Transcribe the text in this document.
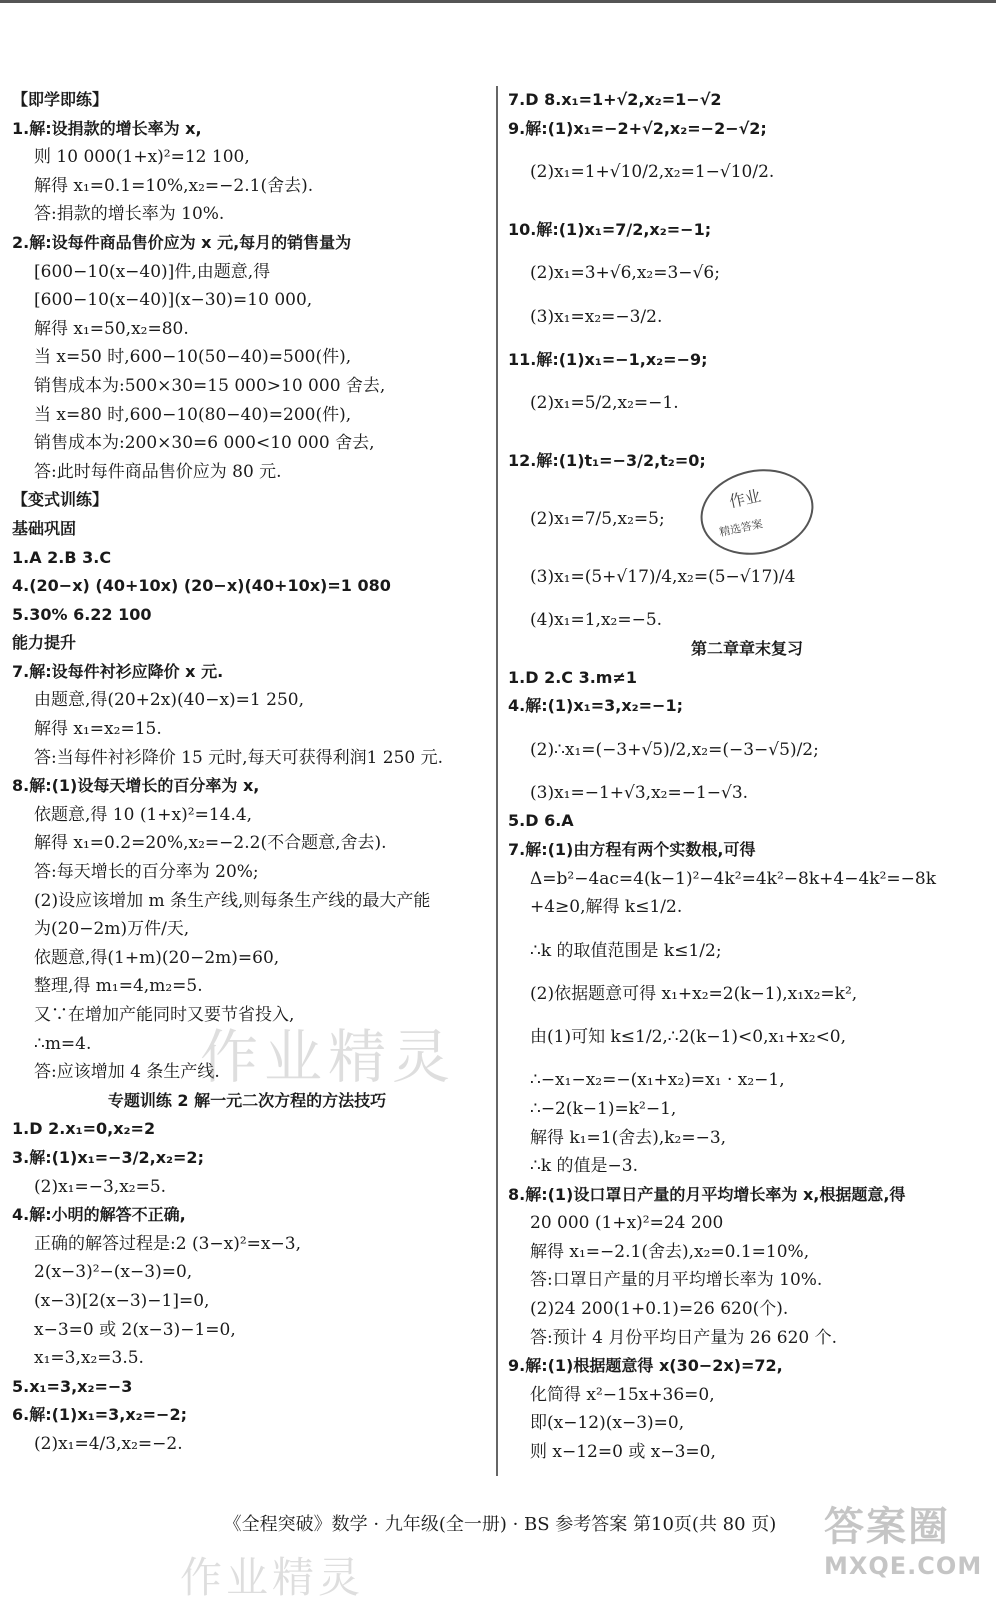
【即学即练】
1.解:设捐款的增长率为 x,
则 10 000(1+x)²=12 100,
解得 x₁=0.1=10%,x₂=−2.1(舍去).
答:捐款的增长率为 10%.
2.解:设每件商品售价应为 x 元,每月的销售量为
[600−10(x−40)]件,由题意,得
[600−10(x−40)](x−30)=10 000,
解得 x₁=50,x₂=80.
当 x=50 时,600−10(50−40)=500(件),
销售成本为:500×30=15 000>10 000 舍去,
当 x=80 时,600−10(80−40)=200(件),
销售成本为:200×30=6 000<10 000 舍去,
答:此时每件商品售价应为 80 元.
【变式训练】
基础巩固
1.A 2.B 3.C
4.(20−x) (40+10x) (20−x)(40+10x)=1 080
5.30% 6.22 100
能力提升
7.解:设每件衬衫应降价 x 元.
由题意,得(20+2x)(40−x)=1 250,
解得 x₁=x₂=15.
答:当每件衬衫降价 15 元时,每天可获得利润1 250 元.
8.解:(1)设每天增长的百分率为 x,
依题意,得 10 (1+x)²=14.4,
解得 x₁=0.2=20%,x₂=−2.2(不合题意,舍去).
答:每天增长的百分率为 20%;
(2)设应该增加 m 条生产线,则每条生产线的最大产能
为(20−2m)万件/天,
依题意,得(1+m)(20−2m)=60,
整理,得 m₁=4,m₂=5.
又∵在增加产能同时又要节省投入,
∴m=4.
答:应该增加 4 条生产线.
专题训练 2 解一元二次方程的方法技巧
1.D 2.x₁=0,x₂=2
3.解:(1)x₁=−3/2,x₂=2;
(2)x₁=−3,x₂=5.
4.解:小明的解答不正确,
正确的解答过程是:2 (3−x)²=x−3,
2(x−3)²−(x−3)=0,
(x−3)[2(x−3)−1]=0,
x−3=0 或 2(x−3)−1=0,
x₁=3,x₂=3.5.
5.x₁=3,x₂=−3
6.解:(1)x₁=3,x₂=−2;
(2)x₁=4/3,x₂=−2.
7.D 8.x₁=1+√2,x₂=1−√2
9.解:(1)x₁=−2+√2,x₂=−2−√2;
(2)x₁=1+√10/2,x₂=1−√10/2.
10.解:(1)x₁=7/2,x₂=−1;
(2)x₁=3+√6,x₂=3−√6;
(3)x₁=x₂=−3/2.
11.解:(1)x₁=−1,x₂=−9;
(2)x₁=5/2,x₂=−1.
12.解:(1)t₁=−3/2,t₂=0;
(2)x₁=7/5,x₂=5;
(3)x₁=(5+√17)/4,x₂=(5−√17)/4
(4)x₁=1,x₂=−5.
第二章章末复习
1.D 2.C 3.m≠1
4.解:(1)x₁=3,x₂=−1;
(2)∴x₁=(−3+√5)/2,x₂=(−3−√5)/2;
(3)x₁=−1+√3,x₂=−1−√3.
5.D 6.A
7.解:(1)由方程有两个实数根,可得
Δ=b²−4ac=4(k−1)²−4k²=4k²−8k+4−4k²=−8k
+4≥0,解得 k≤1/2.
∴k 的取值范围是 k≤1/2;
(2)依据题意可得 x₁+x₂=2(k−1),x₁x₂=k²,
由(1)可知 k≤1/2,∴2(k−1)<0,x₁+x₂<0,
∴−x₁−x₂=−(x₁+x₂)=x₁ · x₂−1,
∴−2(k−1)=k²−1,
解得 k₁=1(舍去),k₂=−3,
∴k 的值是−3.
8.解:(1)设口罩日产量的月平均增长率为 x,根据题意,得
20 000 (1+x)²=24 200
解得 x₁=−2.1(舍去),x₂=0.1=10%,
答:口罩日产量的月平均增长率为 10%.
(2)24 200(1+0.1)=26 620(个).
答:预计 4 月份平均日产量为 26 620 个.
9.解:(1)根据题意得 x(30−2x)=72,
化简得 x²−15x+36=0,
即(x−12)(x−3)=0,
则 x−12=0 或 x−3=0,
作业
精选答案
作业精灵
作业精灵
《全程突破》数学 · 九年级(全一册) · BS 参考答案 第10页(共 80 页)	答案圈
MXQE.COM
